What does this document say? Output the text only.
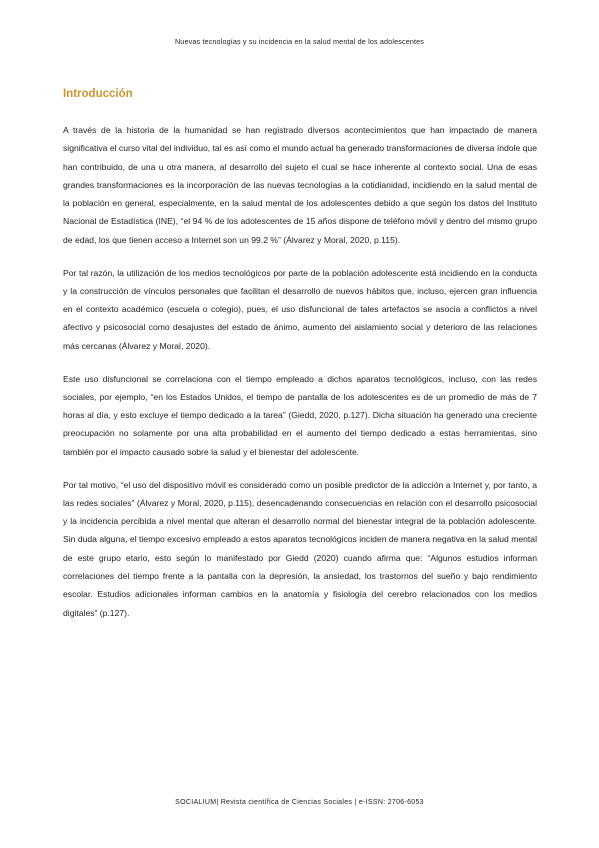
Nuevas tecnologías y su incidencia en la salud mental de los adolescentes
Introducción

A través de la historia de la humanidad se han registrado diversos acontecimientos que han impactado de manera significativa el curso vital del individuo, tal es así como el mundo actual ha generado transformaciones de diversa índole que han contribuido, de una u otra manera, al desarrollo del sujeto el cual se hace inherente al contexto social. Una de esas grandes transformaciones es la incorporación de las nuevas tecnologías a la cotidianidad, incidiendo en la salud mental de la población en general, especialmente, en la salud mental de los adolescentes debido a que según los datos del Instituto Nacional de Estadística (INE), “el 94 % de los adolescentes de 15 años dispone de teléfono móvil y dentro del mismo grupo de edad, los que tienen acceso a Internet son un 99.2 %” (Álvarez y Moral, 2020, p.115).

Por tal razón, la utilización de los medios tecnológicos por parte de la población adolescente está incidiendo en la conducta y la construcción de vínculos personales que facilitan el desarrollo de nuevos hábitos que, incluso, ejercen gran influencia en el contexto académico (escuela o colegio), pues, el uso disfuncional de tales artefactos se asocia a conflictos a nivel afectivo y psicosocial como desajustes del estado de ánimo, aumento del aislamiento social y deterioro de las relaciones más cercanas (Álvarez y Moral, 2020).

Este uso disfuncional se correlaciona con el tiempo empleado a dichos aparatos tecnológicos, incluso, con las redes sociales, por ejemplo, “en los Estados Unidos, el tiempo de pantalla de los adolescentes es de un promedio de más de 7 horas al día, y esto excluye el tiempo dedicado a la tarea” (Giedd, 2020, p.127). Dicha situación ha generado una creciente preocupación no solamente por una alta probabilidad en el aumento del tiempo dedicado a estas herramientas, sino también por el impacto causado sobre la salud y el bienestar del adolescente.

Por tal motivo, “el uso del dispositivo móvil es considerado como un posible predictor de la adicción a Internet y, por tanto, a las redes sociales” (Álvarez y Moral, 2020, p.115), desencadenando consecuencias en relación con el desarrollo psicosocial y la incidencia percibida a nivel mental que alteran el desarrollo normal del bienestar integral de la población adolescente. Sin duda alguna, el tiempo excesivo empleado a estos aparatos tecnológicos inciden de manera negativa en la salud mental de este grupo etario, esto según lo manifestado por Giedd (2020) cuando afirma que: “Algunos estudios informan correlaciones del tiempo frente a la pantalla con la depresión, la ansiedad, los trastornos del sueño y bajo rendimiento escolar. Estudios adicionales informan cambios en la anatomía y fisiología del cerebro relacionados con los medios digitales” (p.127).

SOCIALIUM| Revista científica de Ciencias Sociales | e-ISSN: 2706-6053
